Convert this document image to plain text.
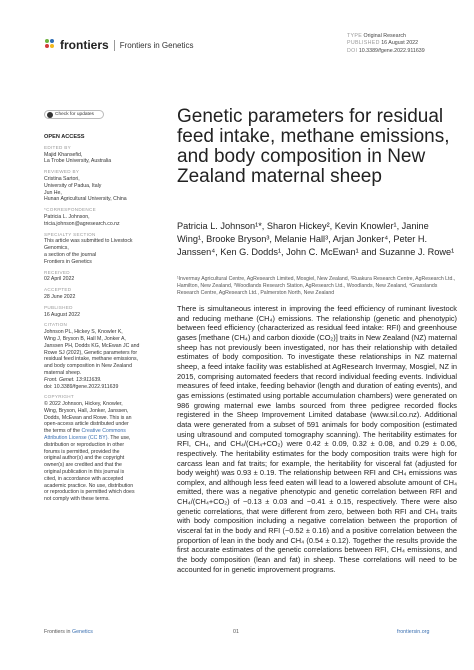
frontiers Frontiers in Genetics
TYPE Original Research
PUBLISHED 16 August 2022
DOI 10.3389/fgene.2022.911639
Check for updates
OPEN ACCESS
EDITED BY
Majid Khansefid,
La Trobe University, Australia
REVIEWED BY
Cristina Sartori,
University of Padua, Italy
Jun He,
Hunan Agricultural University, China
*CORRESPONDENCE
Patricia L. Johnson,
tricia.johnson@agresearch.co.nz
SPECIALTY SECTION
This article was submitted to Livestock
Genomics,
a section of the journal
Frontiers in Genetics
RECEIVED
02 April 2022
ACCEPTED
28 June 2022
PUBLISHED
16 August 2022
CITATION
Johnson PL, Hickey S, Knowler K,
Wing J, Bryson B, Hall M, Jonker A,
Janssen PH, Dodds KG, McEwan JC and
Rowe SJ (2022), Genetic parameters for
residual feed intake, methane emissions,
and body composition in New Zealand
maternal sheep.
Front. Genet. 13:911639.
doi: 10.3389/fgene.2022.911639
COPYRIGHT
© 2022 Johnson, Hickey, Knowler,
Wing, Bryson, Hall, Jonker, Janssen,
Dodds, McEwan and Rowe. This is an
open-access article distributed under
the terms of the Creative Commons Attribution License (CC BY). The use,
distribution or reproduction in other
forums is permitted, provided the
original author(s) and the copyright
owner(s) are credited and that the
original publication in this journal is
cited, in accordance with accepted
academic practice. No use, distribution
or reproduction is permitted which does
not comply with these terms.
Genetic parameters for residual feed intake, methane emissions, and body composition in New Zealand maternal sheep
Patricia L. Johnson¹*, Sharon Hickey², Kevin Knowler¹, Janine Wing¹, Brooke Bryson³, Melanie Hall³, Arjan Jonker⁴, Peter H. Janssen⁴, Ken G. Dodds¹, John C. McEwan¹ and Suzanne J. Rowe¹
¹Invermay Agricultural Centre, AgResearch Limited, Mosgiel, New Zealand, ²Ruakura Research Centre, AgResearch Ltd., Hamilton, New Zealand, ³Woodlands Research Station, AgResearch Ltd., Woodlands, New Zealand, ⁴Grasslands Research Centre, AgResearch Ltd., Palmerston North, New Zealand
There is simultaneous interest in improving the feed efficiency of ruminant livestock and reducing methane (CH₄) emissions. The relationship (genetic and phenotypic) between feed efficiency (characterized as residual feed intake: RFI) and greenhouse gases [methane (CH₄) and carbon dioxide (CO₂)] traits in New Zealand (NZ) maternal sheep has not previously been investigated, nor has their relationship with detailed estimates of body composition. To investigate these relationships in NZ maternal sheep, a feed intake facility was established at AgResearch Invermay, Mosgiel, NZ in 2015, comprising automated feeders that record individual feeding events. Individual measures of feed intake, feeding behavior (length and duration of eating events), and gas emissions (estimated using portable accumulation chambers) were generated on 986 growing maternal ewe lambs sourced from three pedigree recorded flocks registered in the Sheep Improvement Limited database (www.sil.co.nz). Additional data were generated from a subset of 591 animals for body composition (estimated using ultrasound and computed tomography scanning). The heritability estimates for RFI, CH₄, and CH₄/(CH₄+CO₂) were 0.42 ± 0.09, 0.32 ± 0.08, and 0.29 ± 0.06, respectively. The heritability estimates for the body composition traits were high for carcass lean and fat traits; for example, the heritability for visceral fat (adjusted for body weight) was 0.93 ± 0.19. The relationship between RFI and CH₄ emissions was complex, and although less feed eaten will lead to a lowered absolute amount of CH₄ emitted, there was a negative phenotypic and genetic correlation between RFI and CH₄/(CH₄+CO₂) of −0.13 ± 0.03 and −0.41 ± 0.15, respectively. There were also genetic correlations, that were different from zero, between both RFI and CH₄ traits with body composition including a negative correlation between the proportion of visceral fat in the body and RFI (−0.52 ± 0.16) and a positive correlation between the proportion of lean in the body and CH₄ (0.54 ± 0.12). Together the results provide the first accurate estimates of the genetic correlations between RFI, CH₄ emissions, and the body composition (lean and fat) in sheep. These correlations will need to be accounted for in genetic improvement programs.
Frontiers in Genetics	01	frontiersin.org
